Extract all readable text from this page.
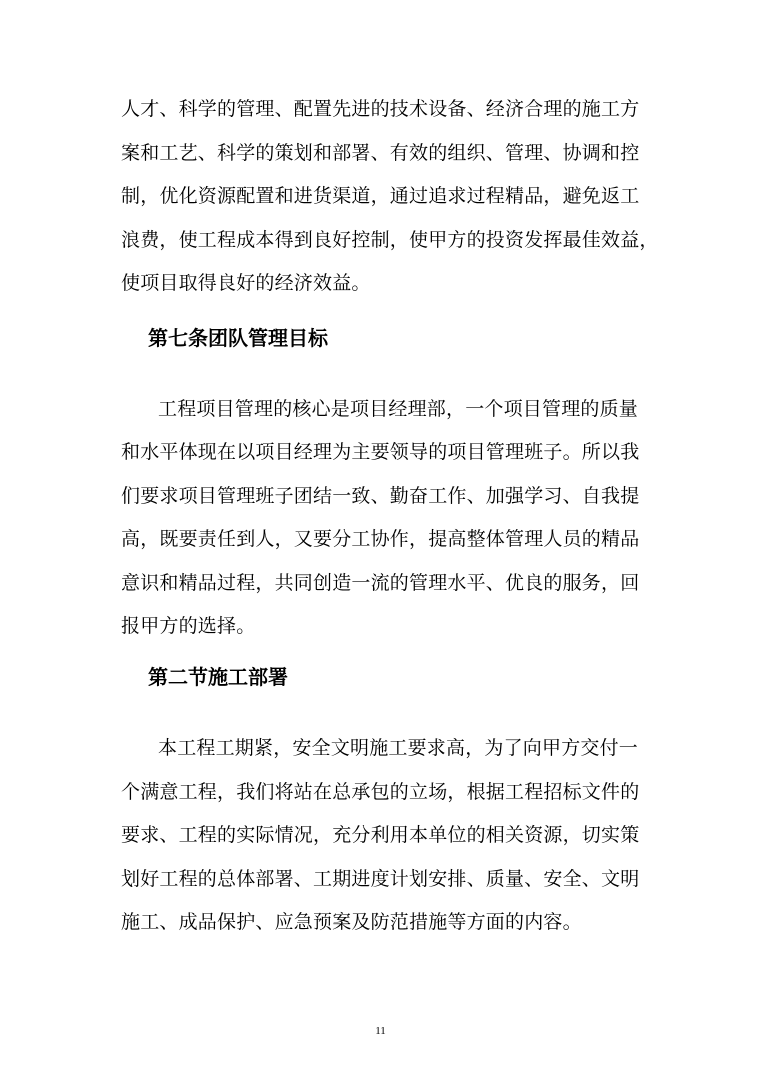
人才、科学的管理、配置先进的技术设备、经济合理的施工方

案和工艺、科学的策划和部署、有效的组织、管理、协调和控

制，优化资源配置和进货渠道，通过追求过程精品，避免返工

浪费，使工程成本得到良好控制，使甲方的投资发挥最佳效益，

使项目取得良好的经济效益。

第七条团队管理目标

工程项目管理的核心是项目经理部，一个项目管理的质量

和水平体现在以项目经理为主要领导的项目管理班子。所以我

们要求项目管理班子团结一致、勤奋工作、加强学习、自我提

高，既要责任到人，又要分工协作，提高整体管理人员的精品

意识和精品过程，共同创造一流的管理水平、优良的服务，回

报甲方的选择。

第二节施工部署

本工程工期紧，安全文明施工要求高，为了向甲方交付一

个满意工程，我们将站在总承包的立场，根据工程招标文件的

要求、工程的实际情况，充分利用本单位的相关资源，切实策

划好工程的总体部署、工期进度计划安排、质量、安全、文明

施工、成品保护、应急预案及防范措施等方面的内容。

11
